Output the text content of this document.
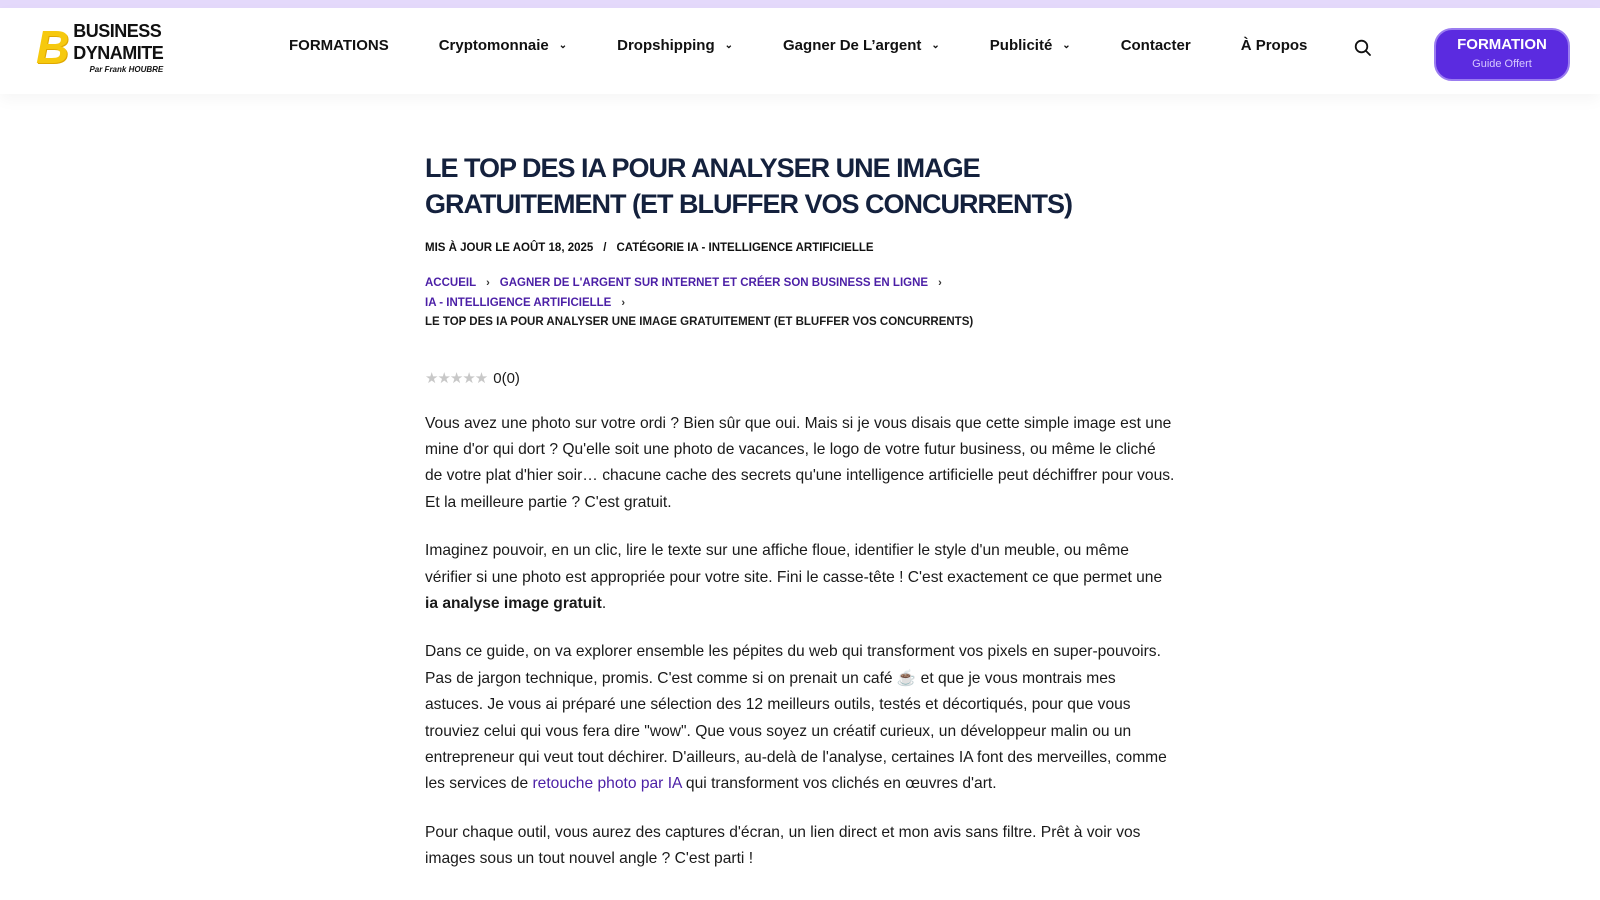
B BUSINESS
DYNAMITE
Par Frank HOUBRE
FORMATIONS	Cryptomonnaie ⌄	Dropshipping ⌄	Gagner De L’argent ⌄	Publicité ⌄	Contacter	À Propos	FORMATION
Guide Offert
LE TOP DES IA POUR ANALYSER UNE IMAGE GRATUITEMENT (ET BLUFFER VOS CONCURRENTS)
MIS À JOUR LE AOÛT 18, 2025 / CATÉGORIE IA - INTELLIGENCE ARTIFICIELLE
ACCUEIL › GAGNER DE L'ARGENT SUR INTERNET ET CRÉER SON BUSINESS EN LIGNE ›
IA - INTELLIGENCE ARTIFICIELLE ›
LE TOP DES IA POUR ANALYSER UNE IMAGE GRATUITEMENT (ET BLUFFER VOS CONCURRENTS)
★★★★★ 0(0)

Vous avez une photo sur votre ordi ? Bien sûr que oui. Mais si je vous disais que cette simple image est une mine d'or qui dort ? Qu'elle soit une photo de vacances, le logo de votre futur business, ou même le cliché de votre plat d'hier soir… chacune cache des secrets qu'une intelligence artificielle peut déchiffrer pour vous. Et la meilleure partie ? C'est gratuit.

Imaginez pouvoir, en un clic, lire le texte sur une affiche floue, identifier le style d'un meuble, ou même vérifier si une photo est appropriée pour votre site. Fini le casse-tête ! C'est exactement ce que permet une ia analyse image gratuit.

Dans ce guide, on va explorer ensemble les pépites du web qui transforment vos pixels en super-pouvoirs. Pas de jargon technique, promis. C'est comme si on prenait un café ☕ et que je vous montrais mes astuces. Je vous ai préparé une sélection des 12 meilleurs outils, testés et décortiqués, pour que vous trouviez celui qui vous fera dire "wow". Que vous soyez un créatif curieux, un développeur malin ou un entrepreneur qui veut tout déchirer. D'ailleurs, au-delà de l'analyse, certaines IA font des merveilles, comme les services de retouche photo par IA qui transforment vos clichés en œuvres d'art.

Pour chaque outil, vous aurez des captures d'écran, un lien direct et mon avis sans filtre. Prêt à voir vos images sous un tout nouvel angle ? C'est parti !
